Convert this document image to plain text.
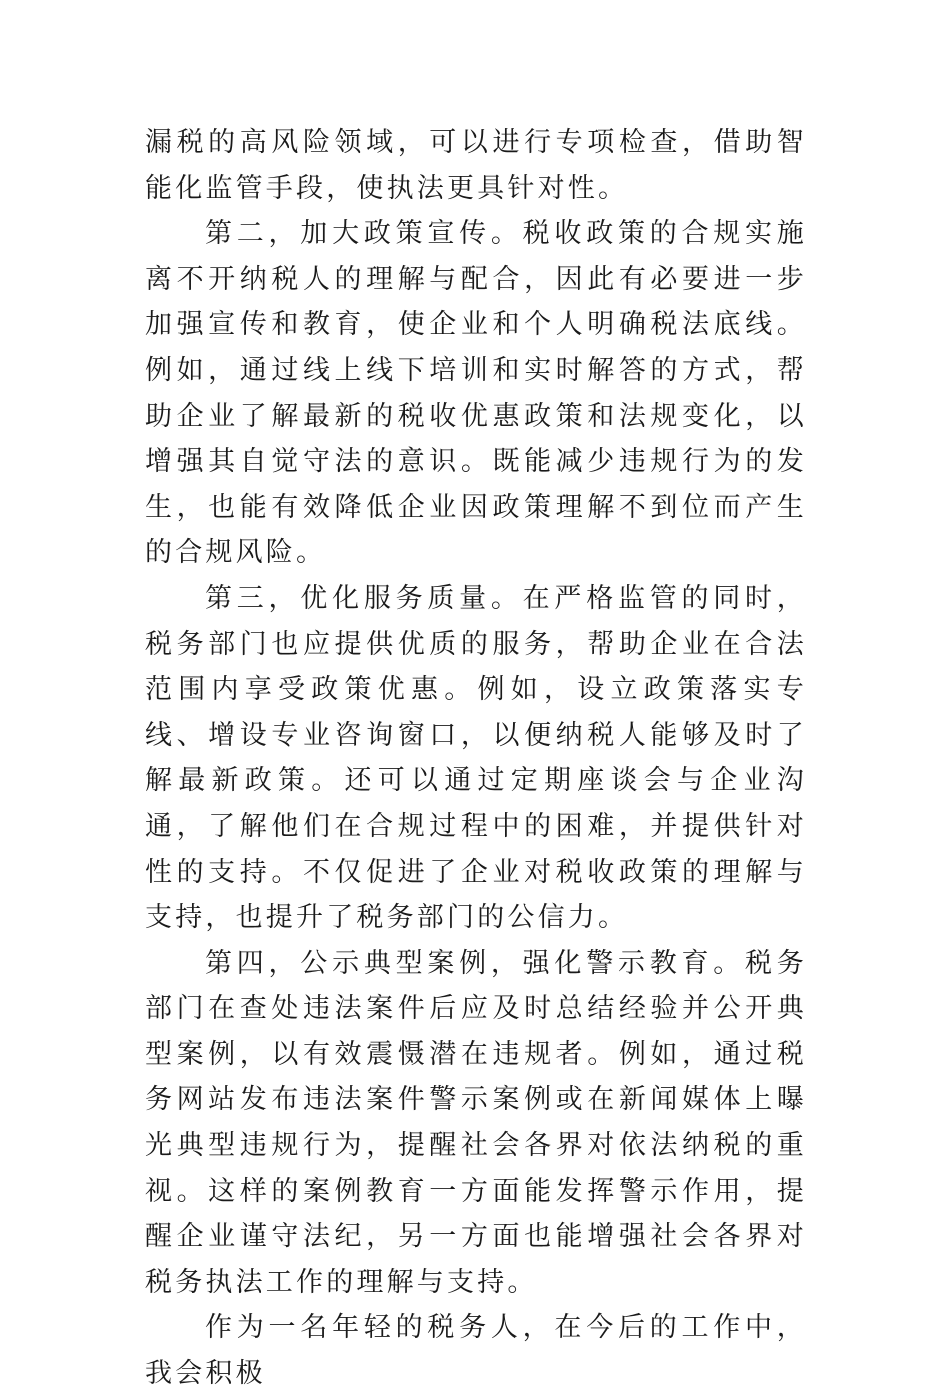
漏税的高风险领域，可以进行专项检查，借助智能化监管手段，使执法更具针对性。

第二，加大政策宣传。税收政策的合规实施离不开纳税人的理解与配合，因此有必要进一步加强宣传和教育，使企业和个人明确税法底线。例如，通过线上线下培训和实时解答的方式，帮助企业了解最新的税收优惠政策和法规变化，以增强其自觉守法的意识。既能减少违规行为的发生，也能有效降低企业因政策理解不到位而产生的合规风险。

第三，优化服务质量。在严格监管的同时，税务部门也应提供优质的服务，帮助企业在合法范围内享受政策优惠。例如，设立政策落实专线、增设专业咨询窗口，以便纳税人能够及时了解最新政策。还可以通过定期座谈会与企业沟通，了解他们在合规过程中的困难，并提供针对性的支持。不仅促进了企业对税收政策的理解与支持，也提升了税务部门的公信力。

第四，公示典型案例，强化警示教育。税务部门在查处违法案件后应及时总结经验并公开典型案例，以有效震慑潜在违规者。例如，通过税务网站发布违法案件警示案例或在新闻媒体上曝光典型违规行为，提醒社会各界对依法纳税的重视。这样的案例教育一方面能发挥警示作用，提醒企业谨守法纪，另一方面也能增强社会各界对税务执法工作的理解与支持。

作为一名年轻的税务人，在今后的工作中，我会积极
